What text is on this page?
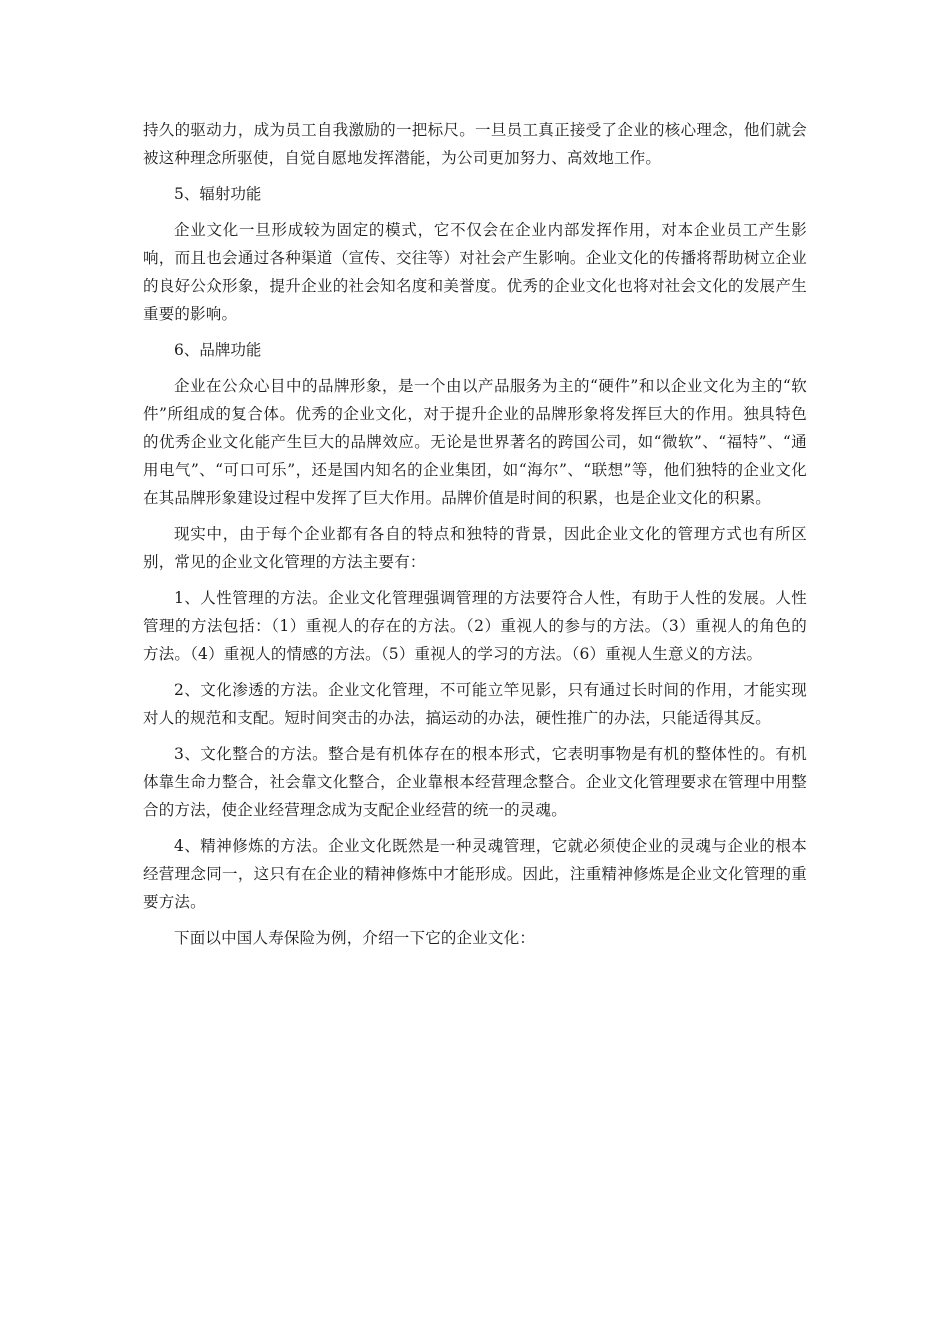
持久的驱动力，成为员工自我激励的一把标尺。一旦员工真正接受了企业的核心理念，他们就会被这种理念所驱使，自觉自愿地发挥潜能，为公司更加努力、高效地工作。

5、辐射功能

企业文化一旦形成较为固定的模式，它不仅会在企业内部发挥作用，对本企业员工产生影响，而且也会通过各种渠道（宣传、交往等）对社会产生影响。企业文化的传播将帮助树立企业的良好公众形象，提升企业的社会知名度和美誉度。优秀的企业文化也将对社会文化的发展产生重要的影响。

6、品牌功能

企业在公众心目中的品牌形象，是一个由以产品服务为主的“硬件”和以企业文化为主的“软件”所组成的复合体。优秀的企业文化，对于提升企业的品牌形象将发挥巨大的作用。独具特色的优秀企业文化能产生巨大的品牌效应。无论是世界著名的跨国公司，如“微软”、“福特”、“通用电气”、“可口可乐”，还是国内知名的企业集团，如“海尔”、“联想”等，他们独特的企业文化在其品牌形象建设过程中发挥了巨大作用。品牌价值是时间的积累，也是企业文化的积累。

现实中，由于每个企业都有各自的特点和独特的背景，因此企业文化的管理方式也有所区别，常见的企业文化管理的方法主要有：

1、人性管理的方法。企业文化管理强调管理的方法要符合人性，有助于人性的发展。人性管理的方法包括：（1）重视人的存在的方法。（2）重视人的参与的方法。（3）重视人的角色的方法。（4）重视人的情感的方法。（5）重视人的学习的方法。（6）重视人生意义的方法。

2、文化渗透的方法。企业文化管理，不可能立竿见影，只有通过长时间的作用，才能实现对人的规范和支配。短时间突击的办法，搞运动的办法，硬性推广的办法，只能适得其反。

3、文化整合的方法。整合是有机体存在的根本形式，它表明事物是有机的整体性的。有机体靠生命力整合，社会靠文化整合，企业靠根本经营理念整合。企业文化管理要求在管理中用整合的方法，使企业经营理念成为支配企业经营的统一的灵魂。

4、精神修炼的方法。企业文化既然是一种灵魂管理，它就必须使企业的灵魂与企业的根本经营理念同一，这只有在企业的精神修炼中才能形成。因此，注重精神修炼是企业文化管理的重要方法。

下面以中国人寿保险为例，介绍一下它的企业文化：
